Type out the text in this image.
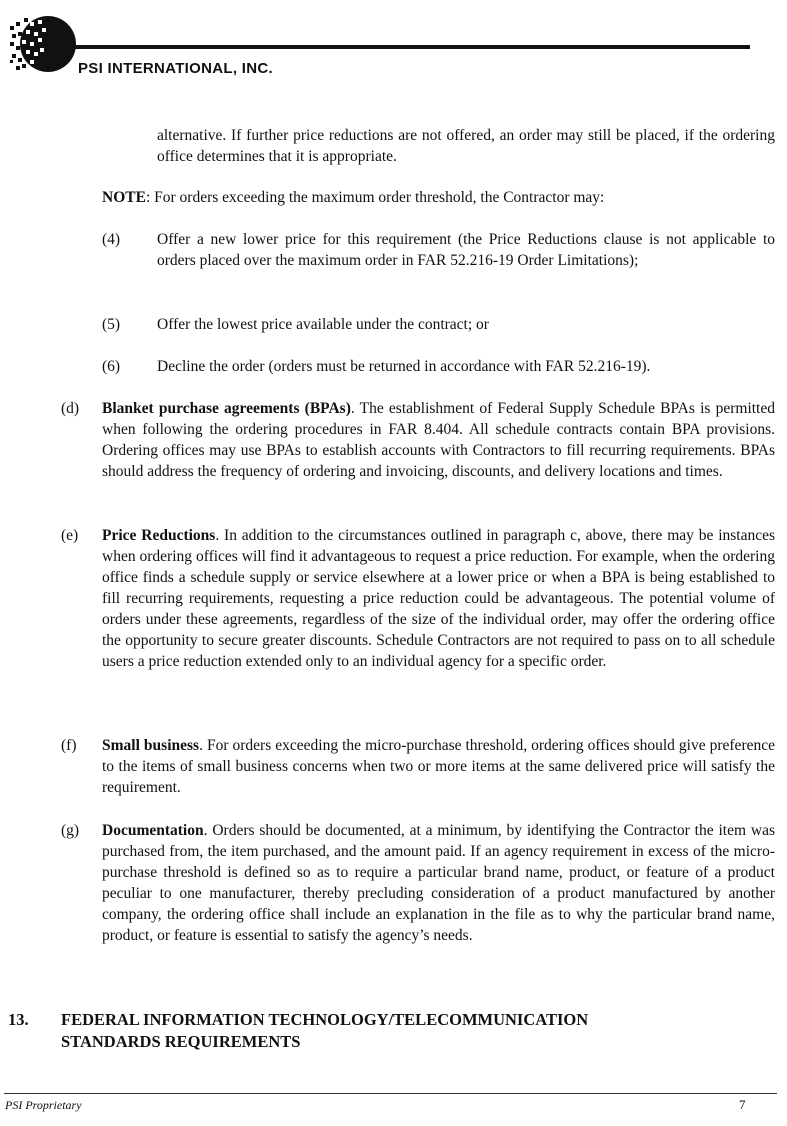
PSI INTERNATIONAL, INC.
alternative. If further price reductions are not offered, an order may still be placed, if the ordering office determines that it is appropriate.
NOTE: For orders exceeding the maximum order threshold, the Contractor may:
(4) Offer a new lower price for this requirement (the Price Reductions clause is not applicable to orders placed over the maximum order in FAR 52.216-19 Order Limitations);
(5) Offer the lowest price available under the contract; or
(6) Decline the order (orders must be returned in accordance with FAR 52.216-19).
(d) Blanket purchase agreements (BPAs). The establishment of Federal Supply Schedule BPAs is permitted when following the ordering procedures in FAR 8.404. All schedule contracts contain BPA provisions. Ordering offices may use BPAs to establish accounts with Contractors to fill recurring requirements. BPAs should address the frequency of ordering and invoicing, discounts, and delivery locations and times.
(e) Price Reductions. In addition to the circumstances outlined in paragraph c, above, there may be instances when ordering offices will find it advantageous to request a price reduction. For example, when the ordering office finds a schedule supply or service elsewhere at a lower price or when a BPA is being established to fill recurring requirements, requesting a price reduction could be advantageous. The potential volume of orders under these agreements, regardless of the size of the individual order, may offer the ordering office the opportunity to secure greater discounts. Schedule Contractors are not required to pass on to all schedule users a price reduction extended only to an individual agency for a specific order.
(f) Small business. For orders exceeding the micro-purchase threshold, ordering offices should give preference to the items of small business concerns when two or more items at the same delivered price will satisfy the requirement.
(g) Documentation. Orders should be documented, at a minimum, by identifying the Contractor the item was purchased from, the item purchased, and the amount paid. If an agency requirement in excess of the micro-purchase threshold is defined so as to require a particular brand name, product, or feature of a product peculiar to one manufacturer, thereby precluding consideration of a product manufactured by another company, the ordering office shall include an explanation in the file as to why the particular brand name, product, or feature is essential to satisfy the agency’s needs.
13. FEDERAL INFORMATION TECHNOLOGY/TELECOMMUNICATION
STANDARDS REQUIREMENTS
PSI Proprietary	7
